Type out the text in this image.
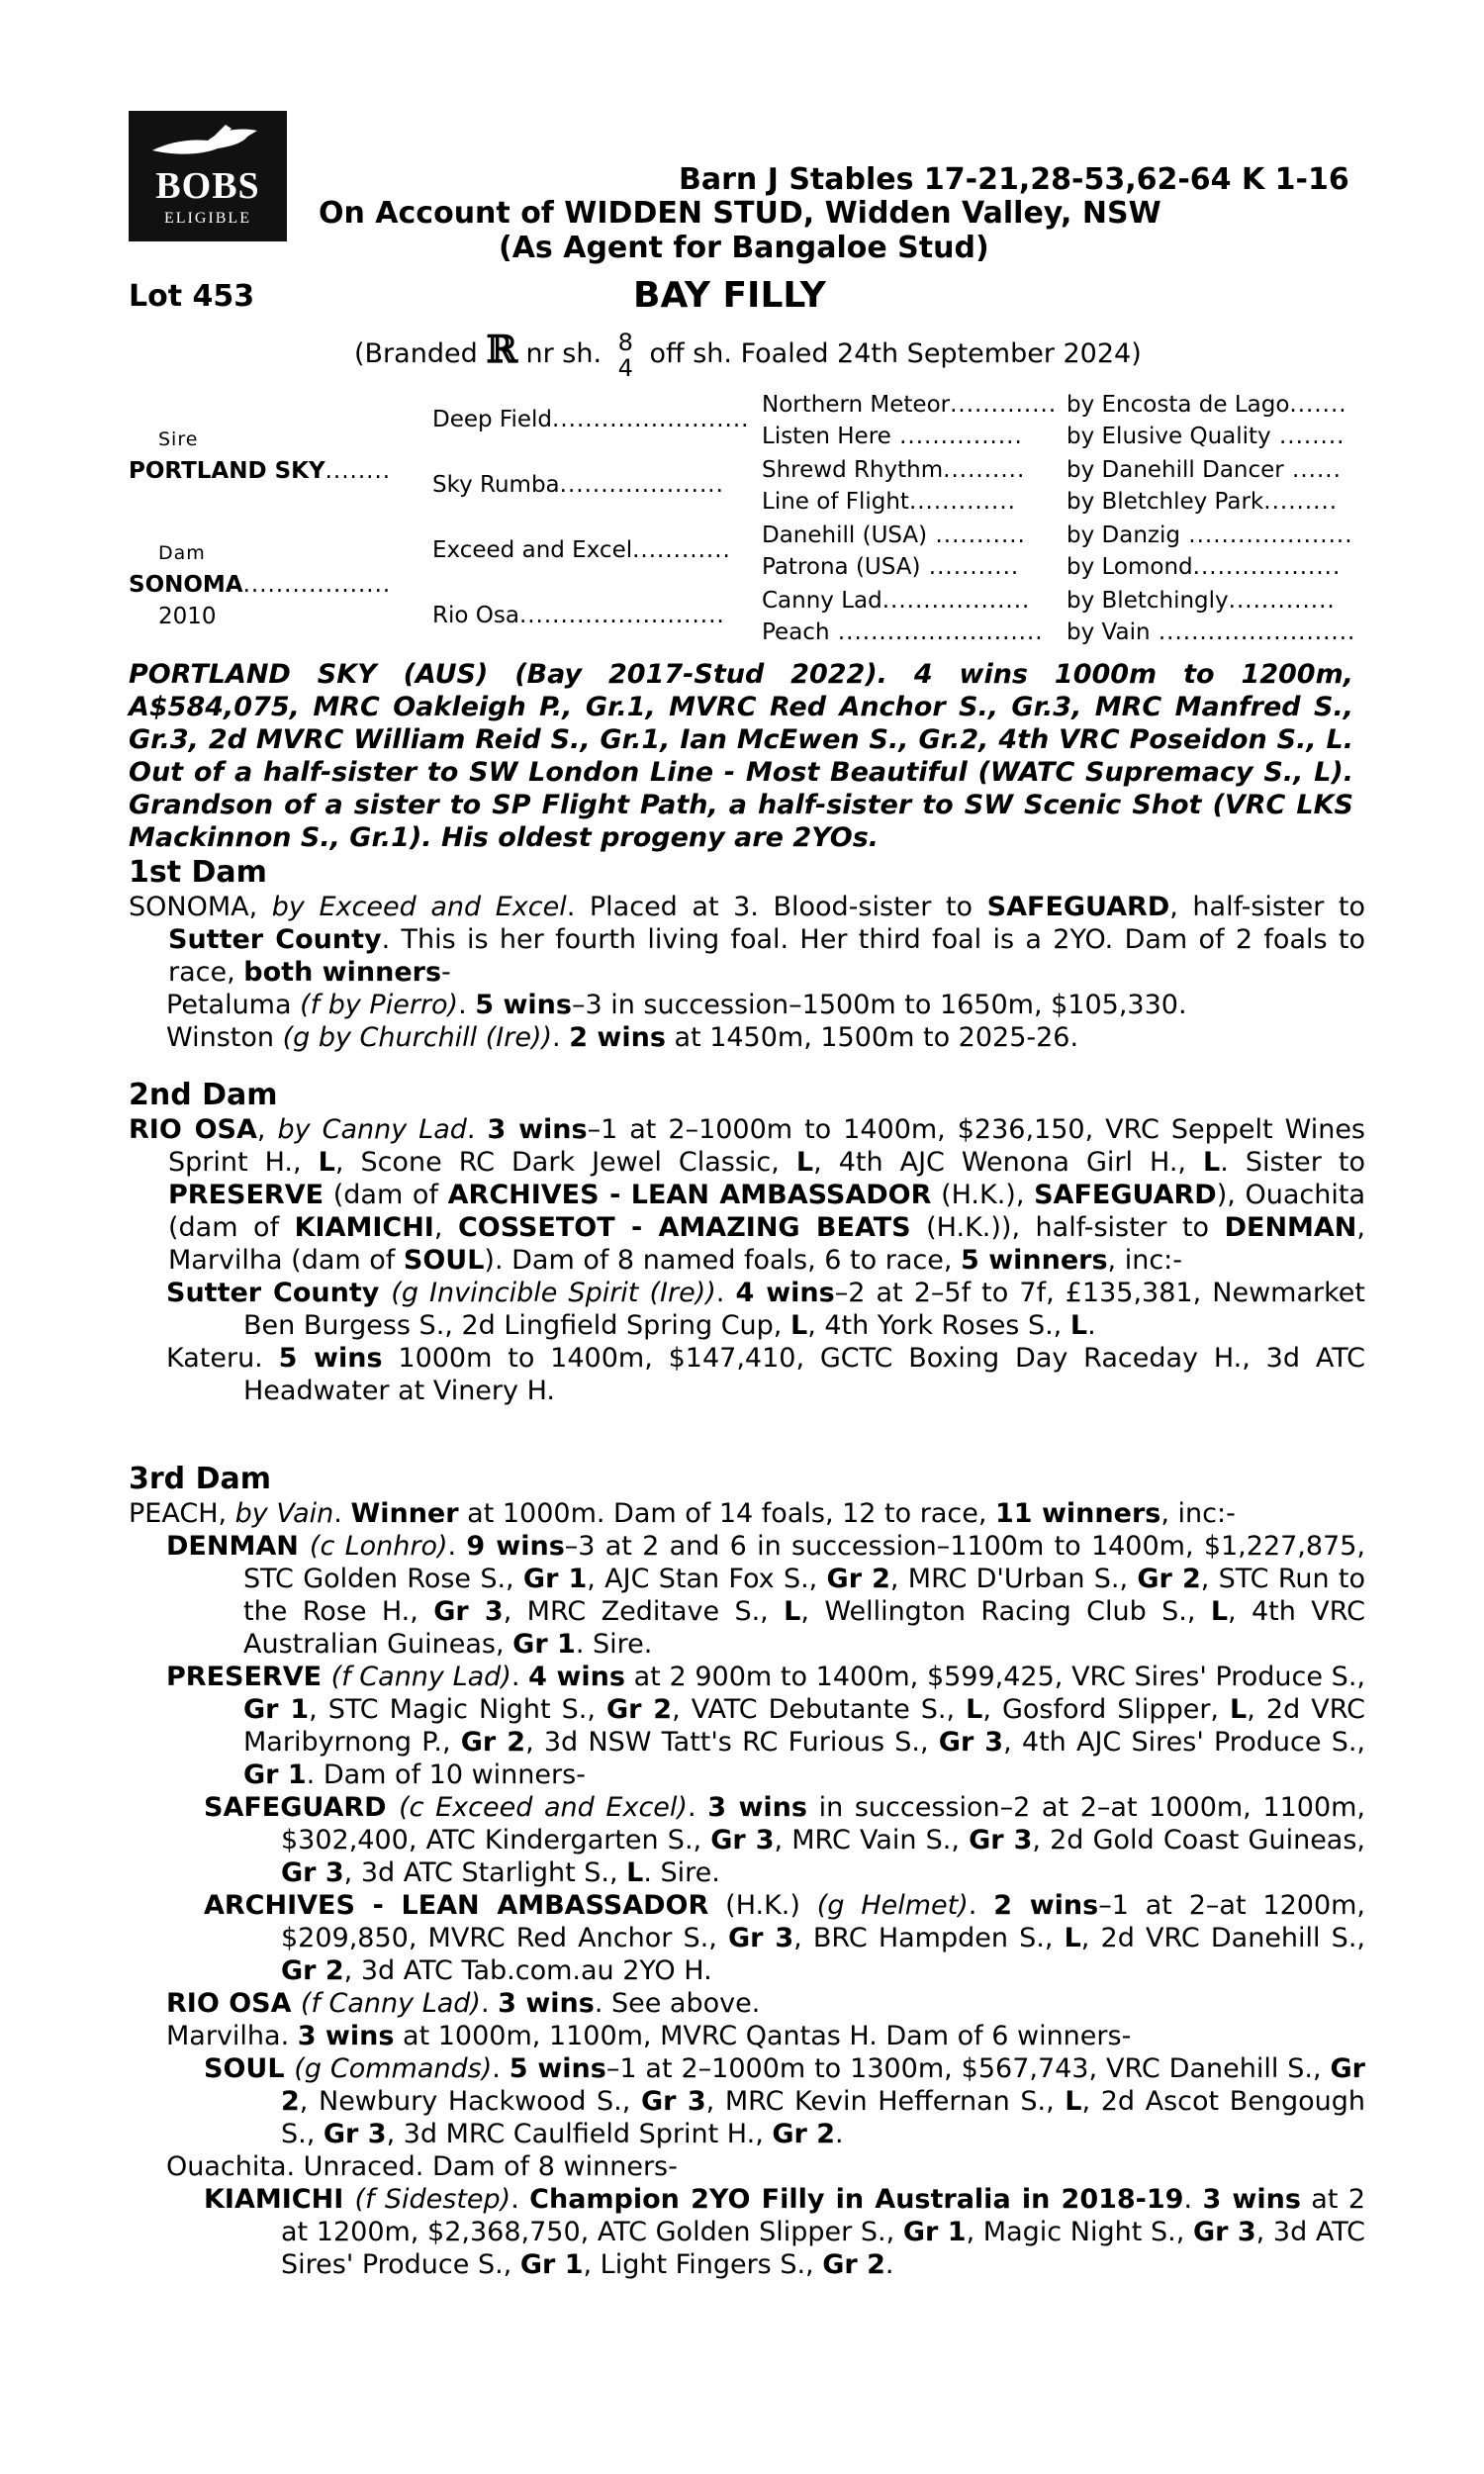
BOBS
ELIGIBLE
Barn J Stables 17-21,28-53,62-64 K 1-16
On Account of WIDDEN STUD, Widden Valley, NSW
(As Agent for Bangaloe Stud)
Lot 453	BAY FILLY
(Branded ℝ nr sh. 8
4 off sh. Foaled 24th September 2024)
Sire
PORTLAND SKY........
Dam
SONOMA..................
2010
Deep Field........................
Sky Rumba....................
Exceed and Excel............
Rio Osa.........................
Northern Meteor.............
Listen Here ...............
Shrewd Rhythm..........
Line of Flight.............
Danehill (USA) ...........
Patrona (USA) ...........
Canny Lad..................
Peach .........................
by Encosta de Lago.......
by Elusive Quality ........
by Danehill Dancer ......
by Bletchley Park.........
by Danzig ....................
by Lomond..................
by Bletchingly.............
by Vain ........................
PORTLAND SKY (AUS) (Bay 2017-Stud 2022). 4 wins 1000m to 1200m, A$584,075, MRC Oakleigh P., Gr.1, MVRC Red Anchor S., Gr.3, MRC Manfred S., Gr.3, 2d MVRC William Reid S., Gr.1, Ian McEwen S., Gr.2, 4th VRC Poseidon S., L. Out of a half-sister to SW London Line - Most Beautiful (WATC Supremacy S., L). Grandson of a sister to SP Flight Path, a half-sister to SW Scenic Shot (VRC LKS Mackinnon S., Gr.1). His oldest progeny are 2YOs.
1st Dam

SONOMA, by Exceed and Excel. Placed at 3. Blood-sister to SAFEGUARD, half-sister to Sutter County. This is her fourth living foal. Her third foal is a 2YO. Dam of 2 foals to race, both winners-

Petaluma (f by Pierro). 5 wins–3 in succession–1500m to 1650m, $105,330.

Winston (g by Churchill (Ire)). 2 wins at 1450m, 1500m to 2025-26.

2nd Dam

RIO OSA, by Canny Lad. 3 wins–1 at 2–1000m to 1400m, $236,150, VRC Seppelt Wines Sprint H., L, Scone RC Dark Jewel Classic, L, 4th AJC Wenona Girl H., L. Sister to PRESERVE (dam of ARCHIVES - LEAN AMBASSADOR (H.K.), SAFEGUARD), Ouachita (dam of KIAMICHI, COSSETOT - AMAZING BEATS (H.K.)), half-sister to DENMAN, Marvilha (dam of SOUL). Dam of 8 named foals, 6 to race, 5 winners, inc:-

Sutter County (g Invincible Spirit (Ire)). 4 wins–2 at 2–5f to 7f, £135,381, Newmarket Ben Burgess S., 2d Lingfield Spring Cup, L, 4th York Roses S., L.

Kateru. 5 wins 1000m to 1400m, $147,410, GCTC Boxing Day Raceday H., 3d ATC Headwater at Vinery H.

3rd Dam

PEACH, by Vain. Winner at 1000m. Dam of 14 foals, 12 to race, 11 winners, inc:-

DENMAN (c Lonhro). 9 wins–3 at 2 and 6 in succession–1100m to 1400m, $1,227,875, STC Golden Rose S., Gr 1, AJC Stan Fox S., Gr 2, MRC D'Urban S., Gr 2, STC Run to the Rose H., Gr 3, MRC Zeditave S., L, Wellington Racing Club S., L, 4th VRC Australian Guineas, Gr 1. Sire.

PRESERVE (f Canny Lad). 4 wins at 2 900m to 1400m, $599,425, VRC Sires' Produce S., Gr 1, STC Magic Night S., Gr 2, VATC Debutante S., L, Gosford Slipper, L, 2d VRC Maribyrnong P., Gr 2, 3d NSW Tatt's RC Furious S., Gr 3, 4th AJC Sires' Produce S., Gr 1. Dam of 10 winners-

SAFEGUARD (c Exceed and Excel). 3 wins in succession–2 at 2–at 1000m, 1100m, $302,400, ATC Kindergarten S., Gr 3, MRC Vain S., Gr 3, 2d Gold Coast Guineas, Gr 3, 3d ATC Starlight S., L. Sire.

ARCHIVES - LEAN AMBASSADOR (H.K.) (g Helmet). 2 wins–1 at 2–at 1200m, $209,850, MVRC Red Anchor S., Gr 3, BRC Hampden S., L, 2d VRC Danehill S., Gr 2, 3d ATC Tab.com.au 2YO H.

RIO OSA (f Canny Lad). 3 wins. See above.

Marvilha. 3 wins at 1000m, 1100m, MVRC Qantas H. Dam of 6 winners-

SOUL (g Commands). 5 wins–1 at 2–1000m to 1300m, $567,743, VRC Danehill S., Gr 2, Newbury Hackwood S., Gr 3, MRC Kevin Heffernan S., L, 2d Ascot Bengough S., Gr 3, 3d MRC Caulfield Sprint H., Gr 2.

Ouachita. Unraced. Dam of 8 winners-

KIAMICHI (f Sidestep). Champion 2YO Filly in Australia in 2018-19. 3 wins at 2 at 1200m, $2,368,750, ATC Golden Slipper S., Gr 1, Magic Night S., Gr 3, 3d ATC Sires' Produce S., Gr 1, Light Fingers S., Gr 2.
